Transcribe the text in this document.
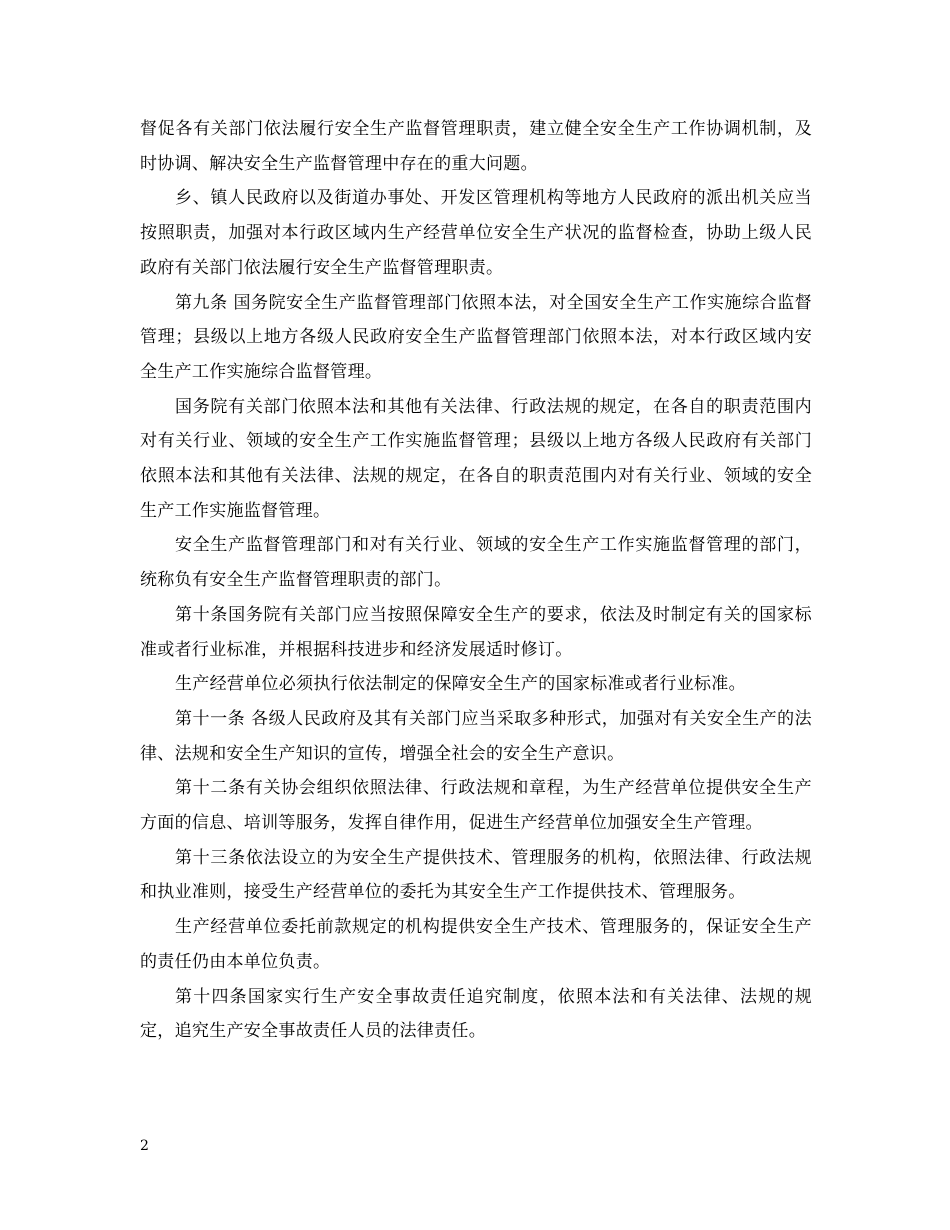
督促各有关部门依法履行安全生产监督管理职责，建立健全安全生产工作协调机制，及时协调、解决安全生产监督管理中存在的重大问题。

乡、镇人民政府以及街道办事处、开发区管理机构等地方人民政府的派出机关应当按照职责，加强对本行政区域内生产经营单位安全生产状况的监督检查，协助上级人民政府有关部门依法履行安全生产监督管理职责。

第九条 国务院安全生产监督管理部门依照本法，对全国安全生产工作实施综合监督管理；县级以上地方各级人民政府安全生产监督管理部门依照本法，对本行政区域内安全生产工作实施综合监督管理。

国务院有关部门依照本法和其他有关法律、行政法规的规定，在各自的职责范围内对有关行业、领域的安全生产工作实施监督管理；县级以上地方各级人民政府有关部门依照本法和其他有关法律、法规的规定，在各自的职责范围内对有关行业、领域的安全生产工作实施监督管理。

安全生产监督管理部门和对有关行业、领域的安全生产工作实施监督管理的部门，统称负有安全生产监督管理职责的部门。

第十条国务院有关部门应当按照保障安全生产的要求，依法及时制定有关的国家标准或者行业标准，并根据科技进步和经济发展适时修订。

生产经营单位必须执行依法制定的保障安全生产的国家标准或者行业标准。

第十一条 各级人民政府及其有关部门应当采取多种形式，加强对有关安全生产的法律、法规和安全生产知识的宣传，增强全社会的安全生产意识。

第十二条有关协会组织依照法律、行政法规和章程，为生产经营单位提供安全生产方面的信息、培训等服务，发挥自律作用，促进生产经营单位加强安全生产管理。

第十三条依法设立的为安全生产提供技术、管理服务的机构，依照法律、行政法规和执业准则，接受生产经营单位的委托为其安全生产工作提供技术、管理服务。

生产经营单位委托前款规定的机构提供安全生产技术、管理服务的，保证安全生产的责任仍由本单位负责。

第十四条国家实行生产安全事故责任追究制度，依照本法和有关法律、法规的规定，追究生产安全事故责任人员的法律责任。

2
